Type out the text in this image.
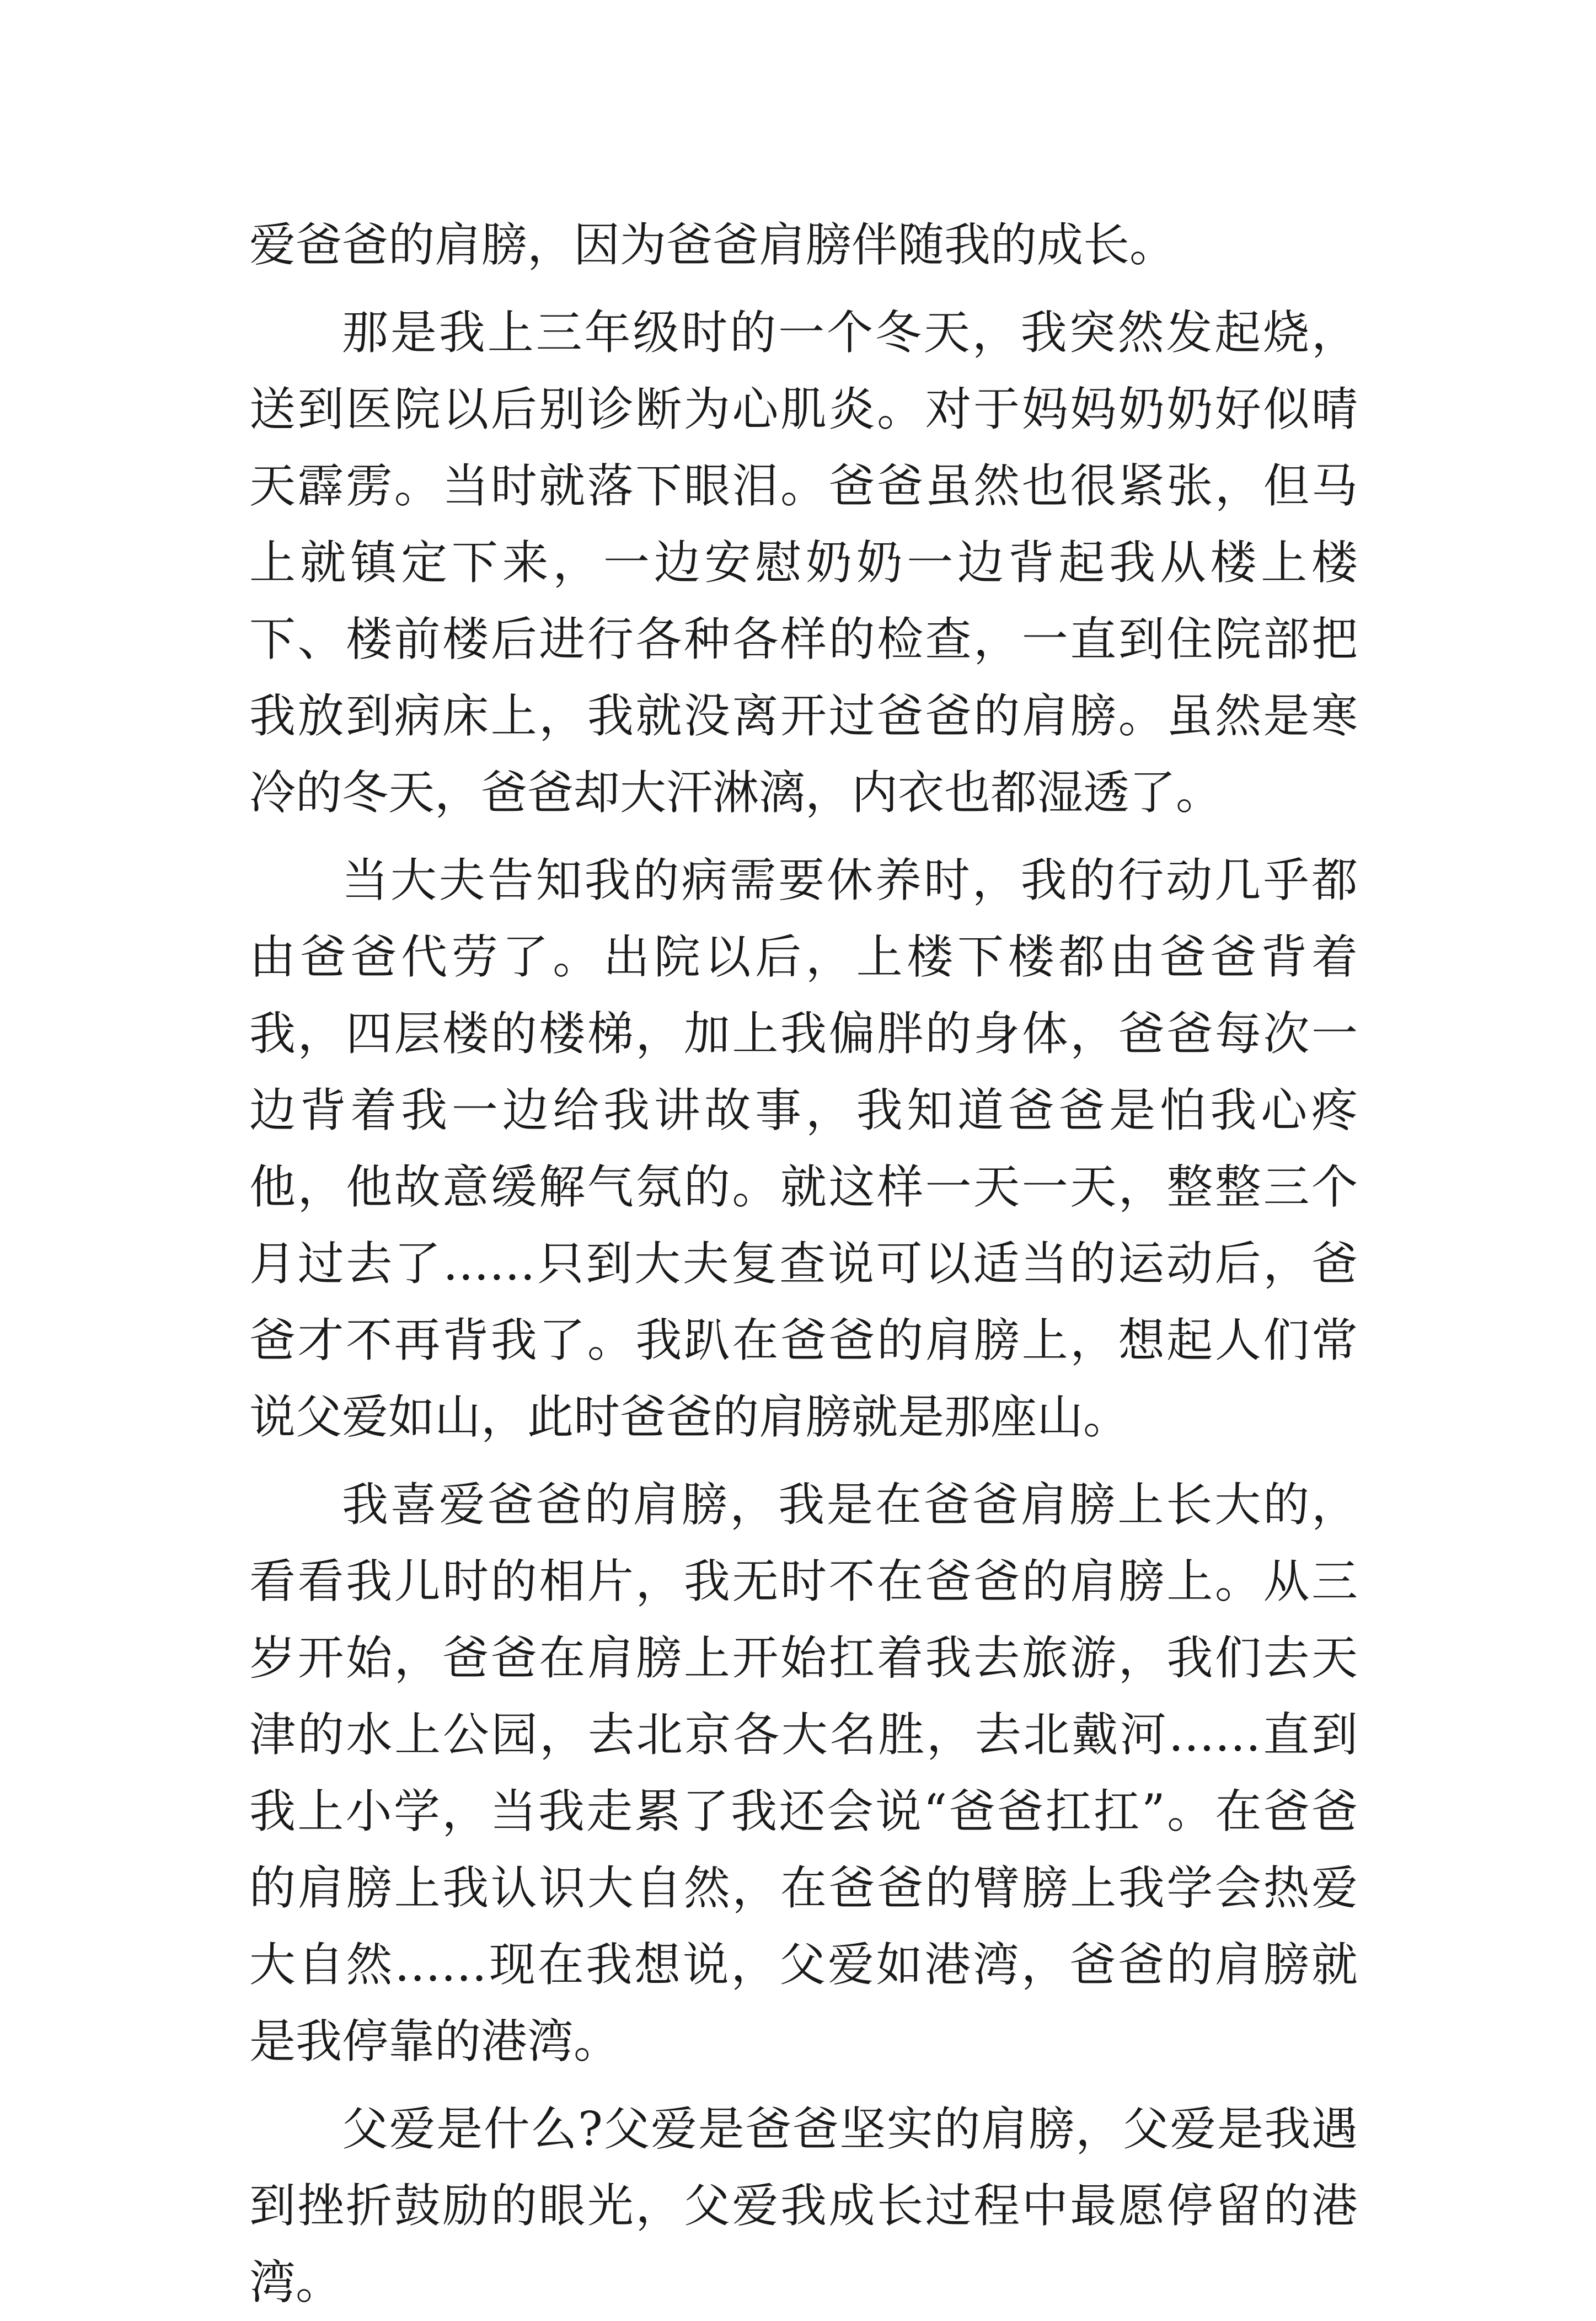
爱爸爸的肩膀，因为爸爸肩膀伴随我的成长。

那是我上三年级时的一个冬天，我突然发起烧，送到医院以后别诊断为心肌炎。对于妈妈奶奶好似晴天霹雳。当时就落下眼泪。爸爸虽然也很紧张，但马上就镇定下来，一边安慰奶奶一边背起我从楼上楼下、楼前楼后进行各种各样的检查，一直到住院部把我放到病床上，我就没离开过爸爸的肩膀。虽然是寒冷的冬天，爸爸却大汗淋漓，内衣也都湿透了。

当大夫告知我的病需要休养时，我的行动几乎都由爸爸代劳了。出院以后，上楼下楼都由爸爸背着我，四层楼的楼梯，加上我偏胖的身体，爸爸每次一边背着我一边给我讲故事，我知道爸爸是怕我心疼他，他故意缓解气氛的。就这样一天一天，整整三个月过去了……只到大夫复查说可以适当的运动后，爸爸才不再背我了。我趴在爸爸的肩膀上，想起人们常说父爱如山，此时爸爸的肩膀就是那座山。

我喜爱爸爸的肩膀，我是在爸爸肩膀上长大的，看看我儿时的相片，我无时不在爸爸的肩膀上。从三岁开始，爸爸在肩膀上开始扛着我去旅游，我们去天津的水上公园，去北京各大名胜，去北戴河……直到我上小学，当我走累了我还会说“爸爸扛扛”。在爸爸的肩膀上我认识大自然，在爸爸的臂膀上我学会热爱大自然……现在我想说，父爱如港湾，爸爸的肩膀就是我停靠的港湾。

父爱是什么?父爱是爸爸坚实的肩膀，父爱是我遇到挫折鼓励的眼光，父爱我成长过程中最愿停留的港湾。
